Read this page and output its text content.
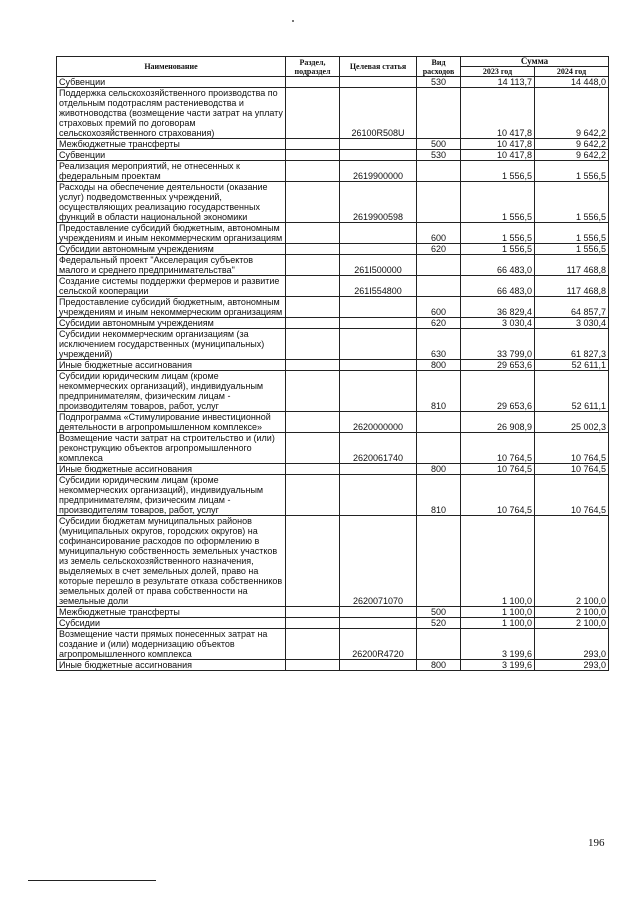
Наименование	Раздел, подраздел	Целевая статья	Вид расходов	Сумма	
				2023 год	2024 год
Субвенции			530	14 113,7	14 448,0
Поддержка сельскохозяйственного производства по отдельным подотраслям растениеводства и животноводства (возмещение части затрат на уплату страховых премий по договорам сельскохозяйственного страхования)		26100R508U		10 417,8	9 642,2
Межбюджетные трансферты			500	10 417,8	9 642,2
Субвенции			530	10 417,8	9 642,2
Реализация мероприятий, не отнесенных к федеральным проектам		2619900000		1 556,5	1 556,5
Расходы на обеспечение деятельности (оказание услуг) подведомственных учреждений, осуществляющих реализацию государственных функций в области национальной экономики		2619900598		1 556,5	1 556,5
Предоставление субсидий бюджетным, автономным учреждениям и иным некоммерческим организациям			600	1 556,5	1 556,5
Субсидии автономным учреждениям			620	1 556,5	1 556,5
Федеральный проект "Акселерация субъектов малого и среднего предпринимательства"		261I500000		66 483,0	117 468,8
Создание системы поддержки фермеров и развитие сельской кооперации		261I554800		66 483,0	117 468,8
Предоставление субсидий бюджетным, автономным учреждениям и иным некоммерческим организациям			600	36 829,4	64 857,7
Субсидии автономным учреждениям			620	3 030,4	3 030,4
Субсидии некоммерческим организациям (за исключением государственных (муниципальных) учреждений)			630	33 799,0	61 827,3
Иные бюджетные ассигнования			800	29 653,6	52 611,1
Субсидии юридическим лицам (кроме некоммерческих организаций), индивидуальным предпринимателям, физическим лицам - производителям товаров, работ, услуг			810	29 653,6	52 611,1
Подпрограмма «Стимулирование инвестиционной деятельности в агропромышленном комплексе»		2620000000		26 908,9	25 002,3
Возмещение части затрат на строительство и (или) реконструкцию объектов агропромышленного комплекса		2620061740		10 764,5	10 764,5
Иные бюджетные ассигнования			800	10 764,5	10 764,5
Субсидии юридическим лицам (кроме некоммерческих организаций), индивидуальным предпринимателям, физическим лицам - производителям товаров, работ, услуг			810	10 764,5	10 764,5
Субсидии бюджетам муниципальных районов (муниципальных округов, городских округов) на софинансирование расходов по оформлению в муниципальную собственность земельных участков из земель сельскохозяйственного назначения, выделяемых в счет земельных долей, право на которые перешло в результате отказа собственников земельных долей от права собственности на земельные доли		2620071070		1 100,0	2 100,0
Межбюджетные трансферты			500	1 100,0	2 100,0
Субсидии			520	1 100,0	2 100,0
Возмещение части прямых понесенных затрат на создание и (или) модернизацию объектов агропромышленного комплекса		26200R4720		3 199,6	293,0
Иные бюджетные ассигнования			800	3 199,6	293,0
196
